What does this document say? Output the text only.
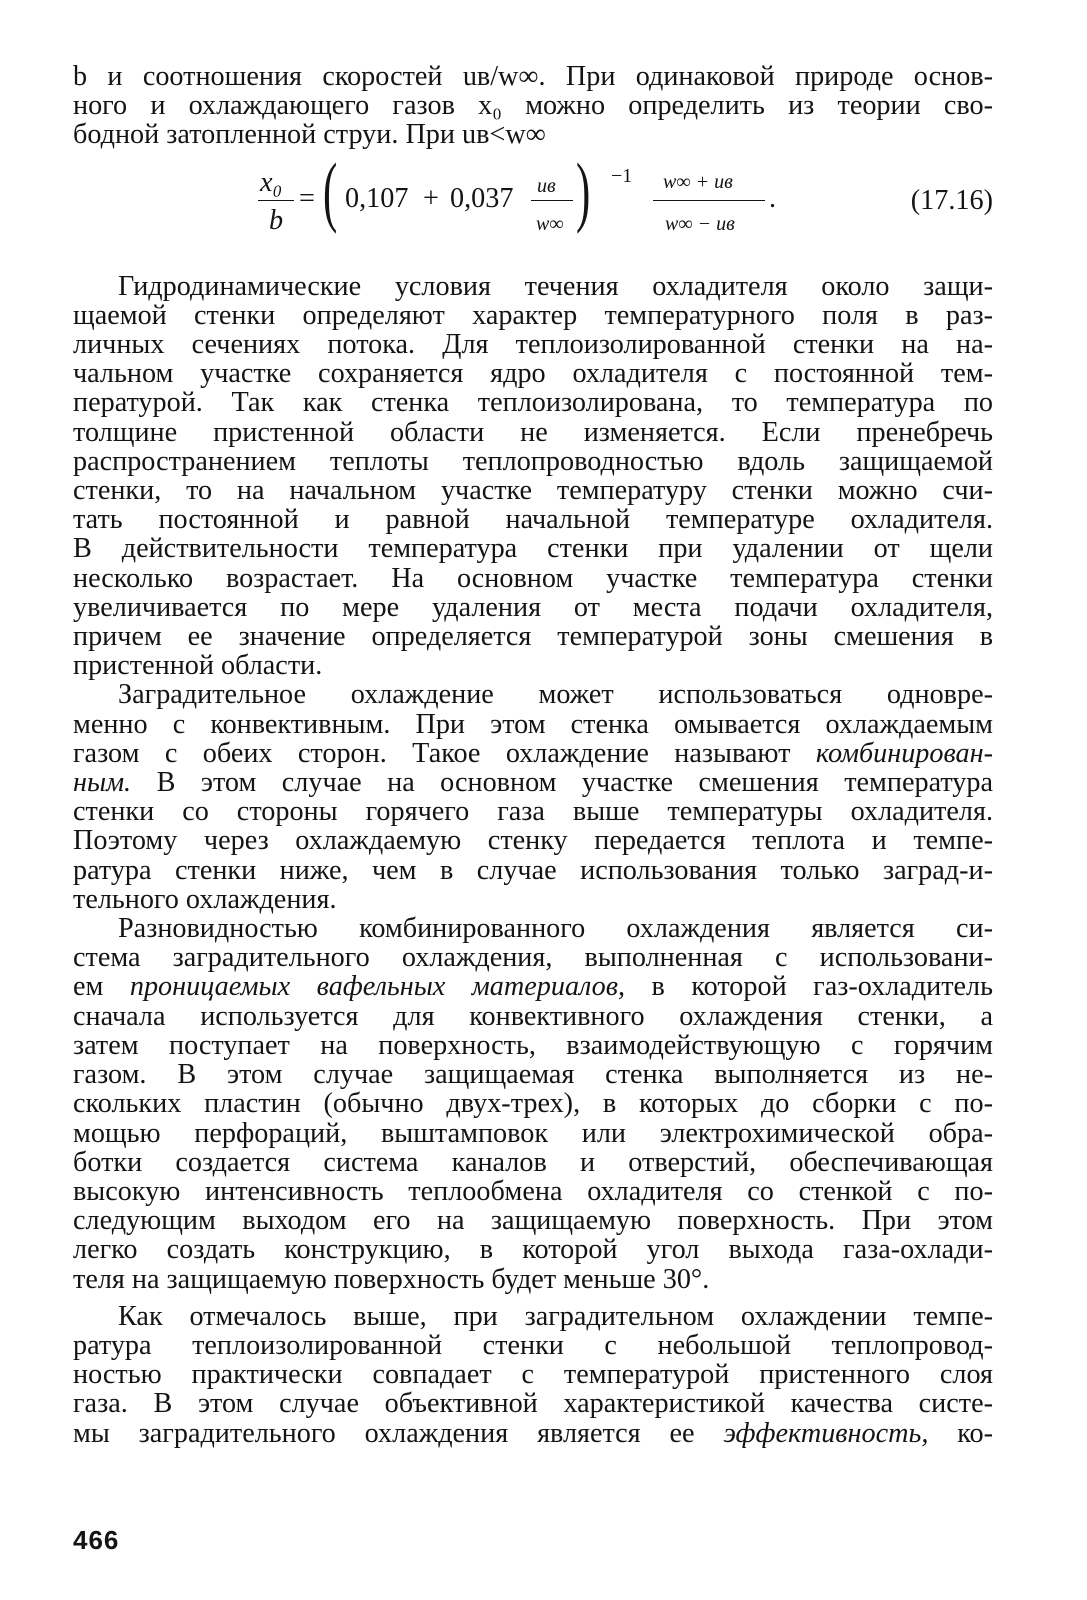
b и соотношения скоростей uв/w∞. При одинаковой природе основ-
ного и охлаждающего газов x₀ можно определить из теории сво-
бодной затопленной струи. При uв<w∞
x₀
b
= ( 0,107 + 0,037 uв
w∞ ) −1 w∞ + uв
w∞ − uв
.	(17.16)
Гидродинамические условия течения охладителя около защи-
щаемой стенки определяют характер температурного поля в раз-
личных сечениях потока. Для теплоизолированной стенки на на-
чальном участке сохраняется ядро охладителя с постоянной тем-
пературой. Так как стенка теплоизолирована, то температура по
толщине пристенной области не изменяется. Если пренебречь
распространением теплоты теплопроводностью вдоль защищаемой
стенки, то на начальном участке температуру стенки можно счи-
тать постоянной и равной начальной температуре охладителя.
В действительности температура стенки при удалении от щели
несколько возрастает. На основном участке температура стенки
увеличивается по мере удаления от места подачи охладителя,
причем ее значение определяется температурой зоны смешения в
пристенной области.
Заградительное охлаждение может использоваться одновре-
менно с конвективным. При этом стенка омывается охлаждаемым
газом с обеих сторон. Такое охлаждение называют комбинирован-
ным. В этом случае на основном участке смешения температура
стенки со стороны горячего газа выше температуры охладителя.
Поэтому через охлаждаемую стенку передается теплота и темпе-
ратура стенки ниже, чем в случае использования только заград-и-
тельного охлаждения.
Разновидностью комбинированного охлаждения является си-
стема заградительного охлаждения, выполненная с использовани-
ем проницаемых вафельных материалов, в которой газ-охладитель
сначала используется для конвективного охлаждения стенки, а
затем поступает на поверхность, взаимодействующую с горячим
газом. В этом случае защищаемая стенка выполняется из не-
скольких пластин (обычно двух-трех), в которых до сборки с по-
мощью перфораций, выштамповок или электрохимической обра-
ботки создается система каналов и отверстий, обеспечивающая
высокую интенсивность теплообмена охладителя со стенкой с по-
следующим выходом его на защищаемую поверхность. При этом
легко создать конструкцию, в которой угол выхода газа-охлади-
теля на защищаемую поверхность будет меньше 30°.
Как отмечалось выше, при заградительном охлаждении темпе-
ратура теплоизолированной стенки с небольшой теплопровод-
ностью практически совпадает с температурой пристенного слоя
газа. В этом случае объективной характеристикой качества систе-
мы заградительного охлаждения является ее эффективность, ко-
466
